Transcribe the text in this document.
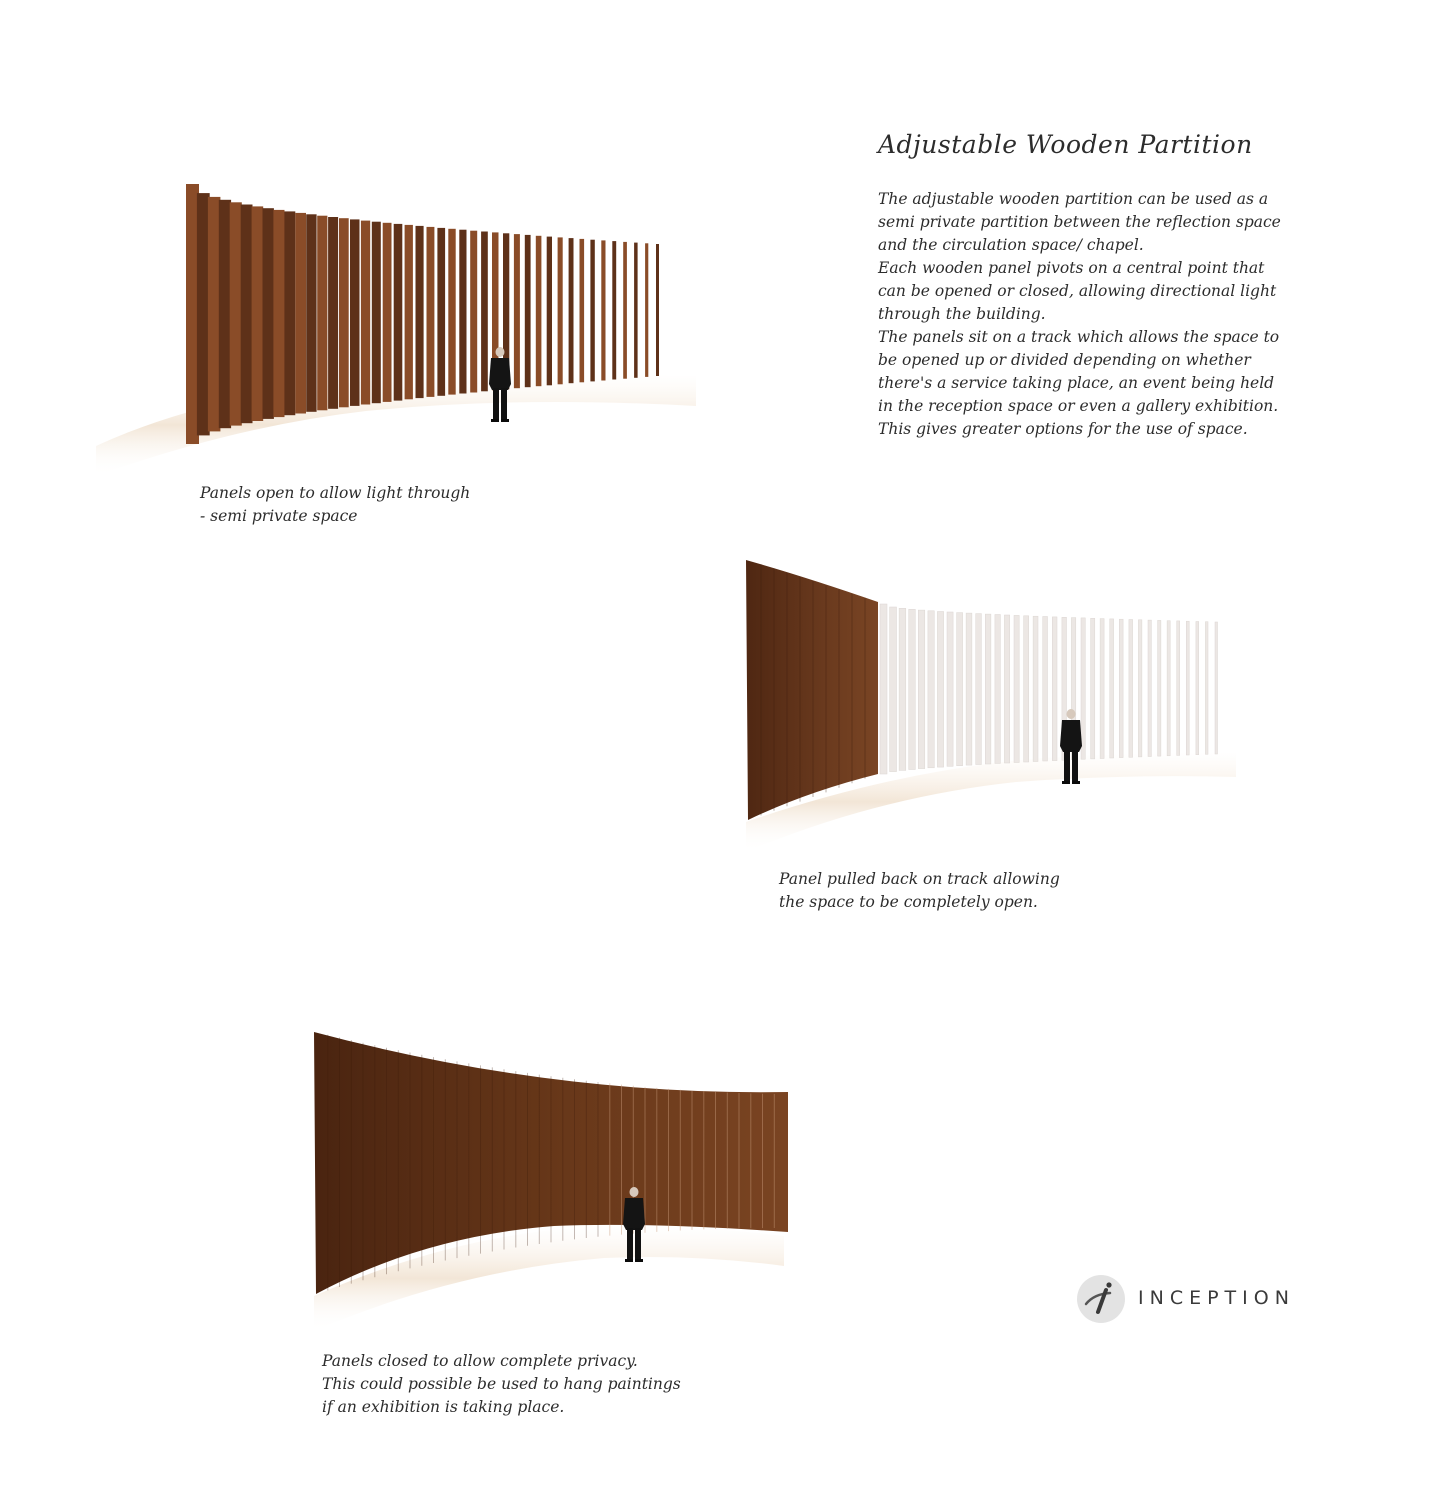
Adjustable Wooden Partition

The adjustable wooden partition can be used as a

semi private partition between the reflection space

and the circulation space/ chapel.

Each wooden panel pivots on a central point that

can be opened or closed, allowing directional light

through the building.

The panels sit on a track which allows the space to

be opened up or divided depending on whether

there's a service taking place, an event being held

in the reception space or even a gallery exhibition.

This gives greater options for the use of space.

Panels open to allow light through
- semi private space
Panel pulled back on track allowing
the space to be completely open.
Panels closed to allow complete privacy.
This could possible be used to hang paintings
if an exhibition is taking place.
INCEPTION
